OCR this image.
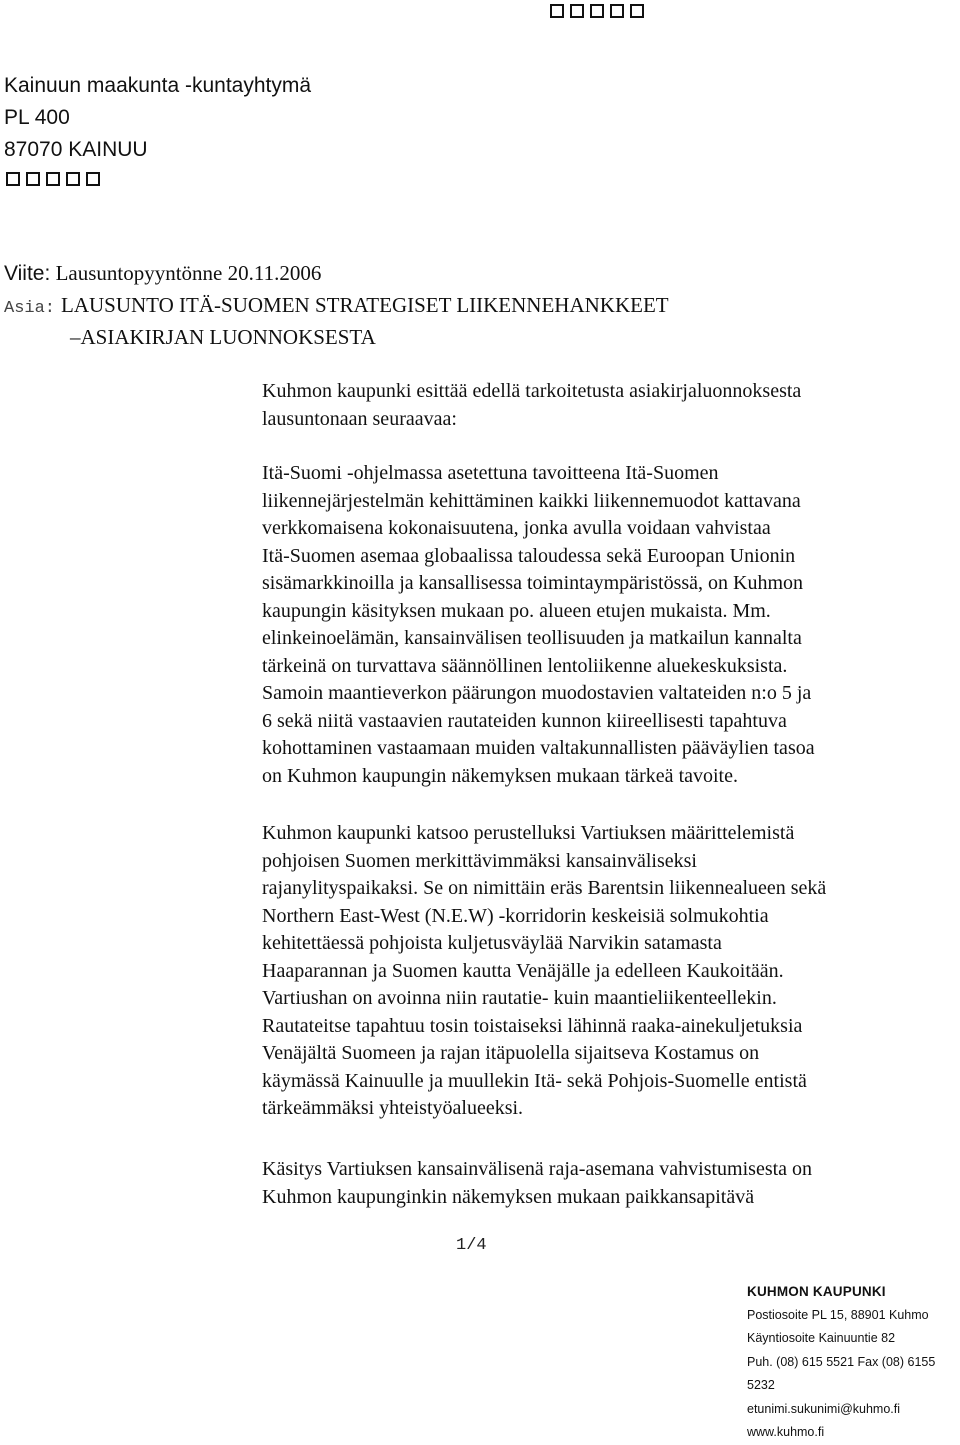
Kainuun maakunta -kuntayhtymä
PL 400
87070 KAINUU
Viite: Lausuntopyyntönne 20.11.2006
Asia: LAUSUNTO ITÄ-SUOMEN STRATEGISET LIIKENNEHANKKEET
–ASIAKIRJAN LUONNOKSESTA
Kuhmon kaupunki esittää edellä tarkoitetusta asiakirjaluonnoksesta
lausuntonaan seuraavaa:
Itä-Suomi -ohjelmassa asetettuna tavoitteena Itä-Suomen
liikennejärjestelmän kehittäminen kaikki liikennemuodot kattavana
verkkomaisena kokonaisuutena, jonka avulla voidaan vahvistaa
Itä-Suomen asemaa globaalissa taloudessa sekä Euroopan Unionin
sisämarkkinoilla ja kansallisessa toimintaympäristössä, on Kuhmon
kaupungin käsityksen mukaan po. alueen etujen mukaista. Mm.
elinkeinoelämän, kansainvälisen teollisuuden ja matkailun kannalta
tärkeinä on turvattava säännöllinen lentoliikenne aluekeskuksista.
Samoin maantieverkon päärungon muodostavien valtateiden n:o 5 ja
6 sekä niitä vastaavien rautateiden kunnon kiireellisesti tapahtuva
kohottaminen vastaamaan muiden valtakunnallisten pääväylien tasoa
on Kuhmon kaupungin näkemyksen mukaan tärkeä tavoite.
Kuhmon kaupunki katsoo perustelluksi Vartiuksen määrittelemistä
pohjoisen Suomen merkittävimmäksi kansainväliseksi
rajanylityspaikaksi. Se on nimittäin eräs Barentsin liikennealueen sekä
Northern East-West (N.E.W) -korridorin keskeisiä solmukohtia
kehitettäessä pohjoista kuljetusväylää Narvikin satamasta
Haaparannan ja Suomen kautta Venäjälle ja edelleen Kaukoitään.
Vartiushan on avoinna niin rautatie- kuin maantieliikenteellekin.
Rautateitse tapahtuu tosin toistaiseksi lähinnä raaka-ainekuljetuksia
Venäjältä Suomeen ja rajan itäpuolella sijaitseva Kostamus on
käymässä Kainuulle ja muullekin Itä- sekä Pohjois-Suomelle entistä
tärkeämmäksi yhteistyöalueeksi.
Käsitys Vartiuksen kansainvälisenä raja-asemana vahvistumisesta on
Kuhmon kaupunginkin näkemyksen mukaan paikkansapitävä
1/4
KUHMON KAUPUNKI
Postiosoite PL 15, 88901 Kuhmo
Käyntiosoite Kainuuntie 82
Puh. (08) 615 5521 Fax (08) 6155
5232
etunimi.sukunimi@kuhmo.fi
www.kuhmo.fi
